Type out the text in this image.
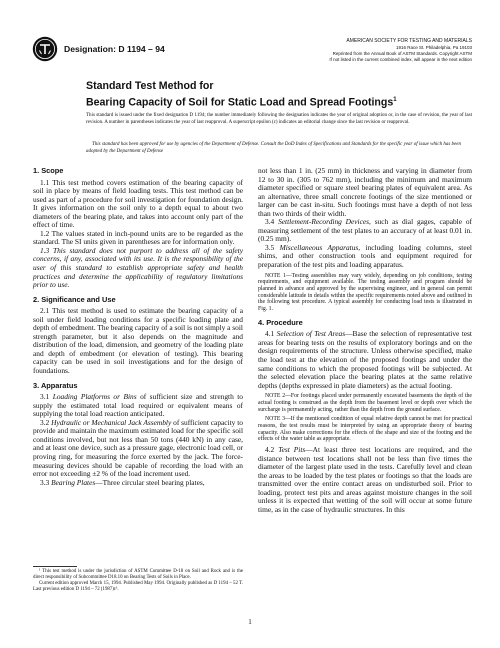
Designation: D 1194 – 94
AMERICAN SOCIETY FOR TESTING AND MATERIALS
1916 Race St. Philadelphia, Pa 19103
Reprinted from the Annual Book of ASTM Standards. Copyright ASTM
If not listed in the current combined index, will appear in the next edition
Standard Test Method for
Bearing Capacity of Soil for Static Load and Spread Footings$^1$

This standard is issued under the fixed designation D 1194; the number immediately following the designation indicates the year of original adoption or, in the case of revision, the year of last revision. A number in parentheses indicates the year of last reapproval. A superscript epsilon (ε) indicates an editorial change since the last revision or reapproval.

This standard has been approved for use by agencies of the Department of Defense. Consult the DoD Index of Specifications and Standards for the specific year of issue which has been adopted by the Department of Defense

1. Scope

1.1 This test method covers estimation of the bearing capacity of soil in place by means of field loading tests. This test method can be used as part of a procedure for soil investigation for foundation design. It gives information on the soil only to a depth equal to about two diameters of the bearing plate, and takes into account only part of the effect of time.

1.2 The values stated in inch-pound units are to be regarded as the standard. The SI units given in parentheses are for information only.

1.3 This standard does not purport to address all of the safety concerns, if any, associated with its use. It is the responsibility of the user of this standard to establish appropriate safety and health practices and determine the applicability of regulatory limitations prior to use.

2. Significance and Use

2.1 This test method is used to estimate the bearing capacity of a soil under field loading conditions for a specific loading plate and depth of embedment. The bearing capacity of a soil is not simply a soil strength parameter, but it also depends on the magnitude and distribution of the load, dimension, and geometry of the loading plate and depth of embedment (or elevation of testing). This bearing capacity can be used in soil investigations and for the design of foundations.

3. Apparatus

3.1 Loading Platforms or Bins of sufficient size and strength to supply the estimated total load required or equivalent means of supplying the total load reaction anticipated.

3.2 Hydraulic or Mechanical Jack Assembly of sufficient capacity to provide and maintain the maximum estimated load for the specific soil conditions involved, but not less than 50 tons (440 kN) in any case, and at least one device, such as a pressure gage, electronic load cell, or proving ring, for measuring the force exerted by the jack. The force-measuring devices should be capable of recording the load with an error not exceeding ±2 % of the load increment used.

3.3 Bearing Plates—Three circular steel bearing plates,

¹ This test method is under the jurisdiction of ASTM Committee D-18 on Soil and Rock and is the direct responsibility of Subcommittee D18.10 on Bearing Tests of Soils in Place.

Current edition approved March 15, 1994. Published May 1994. Originally published as D 1194 – 52 T. Last previous edition D 1194 – 72 (1987)ε¹.

not less than 1 in. (25 mm) in thickness and varying in diameter from 12 to 30 in. (305 to 762 mm), including the minimum and maximum diameter specified or square steel bearing plates of equivalent area. As an alternative, three small concrete footings of the size mentioned or larger can be cast in-situ. Such footings must have a depth of not less than two thirds of their width.

3.4 Settlement-Recording Devices, such as dial gages, capable of measuring settlement of the test plates to an accuracy of at least 0.01 in. (0.25 mm).

3.5 Miscellaneous Apparatus, including loading columns, steel shims, and other construction tools and equipment required for preparation of the test pits and loading apparatus.

NOTE 1—Testing assemblies may vary widely, depending on job conditions, testing requirements, and equipment available. The testing assembly and program should be planned in advance and approved by the supervising engineer, and in general can permit considerable latitude in details within the specific requirements noted above and outlined in the following test procedure. A typical assembly for conducting load tests is illustrated in Fig. 1.

4. Procedure

4.1 Selection of Test Areas—Base the selection of representative test areas for bearing tests on the results of exploratory borings and on the design requirements of the structure. Unless otherwise specified, make the load test at the elevation of the proposed footings and under the same conditions to which the proposed footings will be subjected. At the selected elevation place the bearing plates at the same relative depths (depths expressed in plate diameters) as the actual footing.

NOTE 2—For footings placed under permanently excavated basements the depth of the actual footing is construed as the depth from the basement level or depth over which the surcharge is permanently acting, rather than the depth from the ground surface.

NOTE 3—If the mentioned condition of equal relative depth cannot be met for practical reasons, the test results must be interpreted by using an appropriate theory of bearing capacity. Also make corrections for the effects of the shape and size of the footing and the effects of the water table as appropriate.

4.2 Test Pits—At least three test locations are required, and the distance between test locations shall not be less than five times the diameter of the largest plate used in the tests. Carefully level and clean the areas to be loaded by the test plates or footings so that the loads are transmitted over the entire contact areas on undisturbed soil. Prior to loading, protect test pits and areas against moisture changes in the soil unless it is expected that wetting of the soil will occur at some future time, as in the case of hydraulic structures. In this

1
